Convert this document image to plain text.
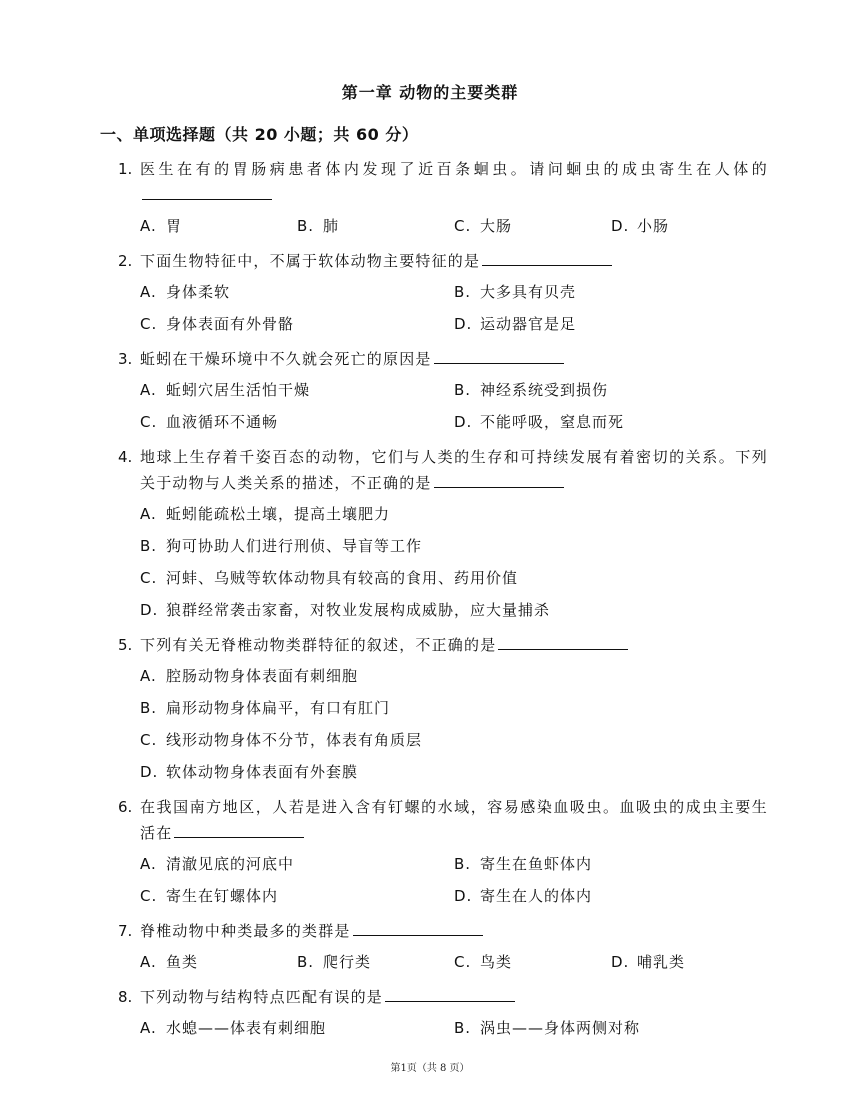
第一章 动物的主要类群
一、单项选择题（共 20 小题；共 60 分）
1. 医生在有的胃肠病患者体内发现了近百条蛔虫。请问蛔虫的成虫寄生在人体的
A. 胃	B. 肺	C. 大肠	D. 小肠
2. 下面生物特征中，不属于软体动物主要特征的是
A. 身体柔软	B. 大多具有贝壳
C. 身体表面有外骨骼	D. 运动器官是足
3. 蚯蚓在干燥环境中不久就会死亡的原因是
A. 蚯蚓穴居生活怕干燥	B. 神经系统受到损伤
C. 血液循环不通畅	D. 不能呼吸，窒息而死
4. 地球上生存着千姿百态的动物，它们与人类的生存和可持续发展有着密切的关系。下列关于动物与人类关系的描述，不正确的是
A. 蚯蚓能疏松土壤，提高土壤肥力
B. 狗可协助人们进行刑侦、导盲等工作
C. 河蚌、乌贼等软体动物具有较高的食用、药用价值
D. 狼群经常袭击家畜，对牧业发展构成威胁，应大量捕杀
5. 下列有关无脊椎动物类群特征的叙述，不正确的是
A. 腔肠动物身体表面有刺细胞
B. 扁形动物身体扁平，有口有肛门
C. 线形动物身体不分节，体表有角质层
D. 软体动物身体表面有外套膜
6. 在我国南方地区，人若是进入含有钉螺的水域，容易感染血吸虫。血吸虫的成虫主要生活在
A. 清澈见底的河底中	B. 寄生在鱼虾体内
C. 寄生在钉螺体内	D. 寄生在人的体内
7. 脊椎动物中种类最多的类群是
A. 鱼类	B. 爬行类	C. 鸟类	D. 哺乳类
8. 下列动物与结构特点匹配有误的是
A. 水螅——体表有刺细胞	B. 涡虫——身体两侧对称
第1页（共 8 页）
